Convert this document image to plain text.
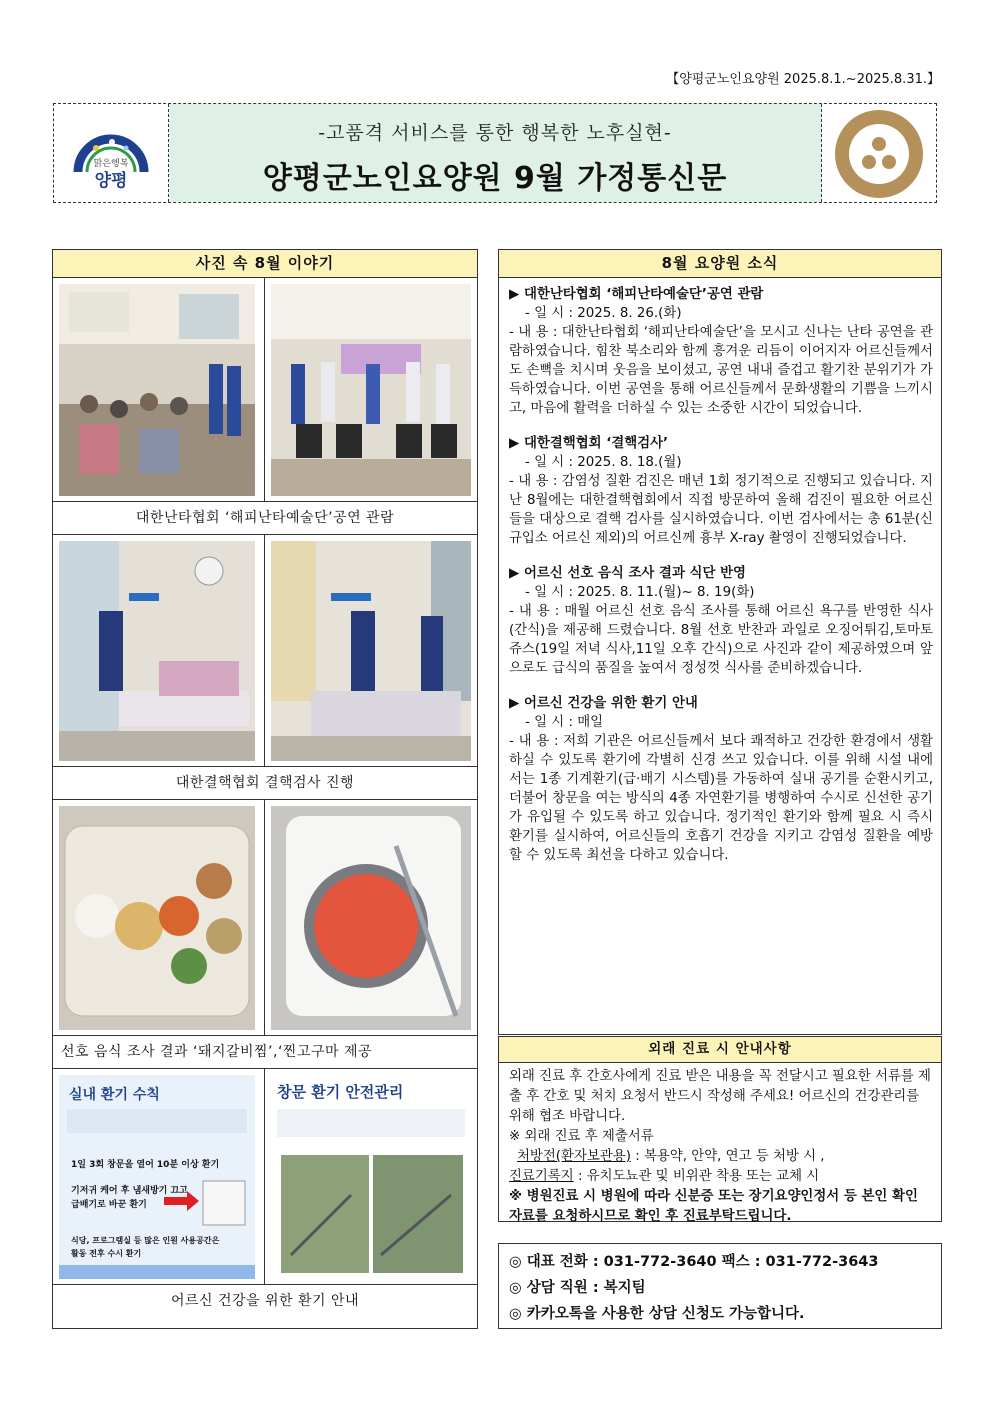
【양평군노인요양원 2025.8.1.~2025.8.31.】
맑은행복
양평
-고품격 서비스를 통한 행복한 노후실현-
양평군노인요양원 9월 가정통신문
사진 속 8월 이야기
대한난타협회 ‘해피난타예술단’공연 관람
대한결핵협회 결핵검사 진행
선호 음식 조사 결과 ‘돼지갈비찜’,‘찐고구마 제공
실내 환기 수칙
1일 3회 창문을 열어 10분 이상 환기
기저귀 케어 후 냄새방기 끄고
급배기로 바꾼 환기
식당, 프로그램실 등 많은 인원 사용공간은
활동 전후 수시 환기
창문 환기 안전관리
어르신 건강을 위한 환기 안내
8월 요양원 소식
▶ 대한난타협회 ‘해피난타예술단’공연 관람
- 일 시 : 2025. 8. 26.(화)
- 내 용 : 대한난타협회 ‘해피난타예술단’을 모시고 신나는 난타 공연을 관람하였습니다. 힘찬 북소리와 함께 흥겨운 리듬이 이어지자 어르신들께서도 손뼉을 치시며 웃음을 보이셨고, 공연 내내 즐겁고 활기찬 분위기가 가득하였습니다. 이번 공연을 통해 어르신들께서 문화생활의 기쁨을 느끼시고, 마음에 활력을 더하실 수 있는 소중한 시간이 되었습니다.
▶ 대한결핵협회 ‘결핵검사’
- 일 시 : 2025. 8. 18.(월)
- 내 용 : 감염성 질환 검진은 매년 1회 정기적으로 진행되고 있습니다. 지난 8월에는 대한결핵협회에서 직접 방문하여 올해 검진이 필요한 어르신들을 대상으로 결핵 검사를 실시하였습니다. 이번 검사에서는 총 61분(신규입소 어르신 제외)의 어르신께 흉부 X-ray 촬영이 진행되었습니다.
▶ 어르신 선호 음식 조사 결과 식단 반영
- 일 시 : 2025. 8. 11.(월)~ 8. 19(화)
- 내 용 : 매월 어르신 선호 음식 조사를 통해 어르신 욕구를 반영한 식사(간식)을 제공해 드렸습니다. 8월 선호 반찬과 과일로 오징어튀김,토마토쥬스(19일 저녁 식사,11일 오후 간식)으로 사진과 같이 제공하였으며 앞으로도 급식의 품질을 높여서 정성껏 식사를 준비하겠습니다.
▶ 어르신 건강을 위한 환기 안내
- 일 시 : 매일
- 내 용 : 저희 기관은 어르신들께서 보다 쾌적하고 건강한 환경에서 생활하실 수 있도록 환기에 각별히 신경 쓰고 있습니다. 이를 위해 시설 내에서는 1종 기계환기(급·배기 시스템)를 가동하여 실내 공기를 순환시키고, 더불어 창문을 여는 방식의 4종 자연환기를 병행하여 수시로 신선한 공기가 유입될 수 있도록 하고 있습니다. 정기적인 환기와 함께 필요 시 즉시 환기를 실시하여, 어르신들의 호흡기 건강을 지키고 감염성 질환을 예방할 수 있도록 최선을 다하고 있습니다.
외래 진료 시 안내사항
외래 진료 후 간호사에게 진료 받은 내용을 꼭 전달시고 필요한 서류를 제출 후 간호 및 처치 요청서 반드시 작성해 주세요! 어르신의 건강관리를 위해 협조 바랍니다.
※ 외래 진료 후 제출서류
처방전(환자보관용) : 복용약, 안약, 연고 등 처방 시 ,
진료기록지 : 유치도뇨관 및 비위관 착용 또는 교체 시
※ 병원진료 시 병원에 따라 신분증 또는 장기요양인정서 등 본인 확인 자료를 요청하시므로 확인 후 진료부탁드립니다.
◎ 대표 전화 : 031-772-3640 팩스 : 031-772-3643
◎ 상담 직원 : 복지팀
◎ 카카오톡을 사용한 상담 신청도 가능합니다.
